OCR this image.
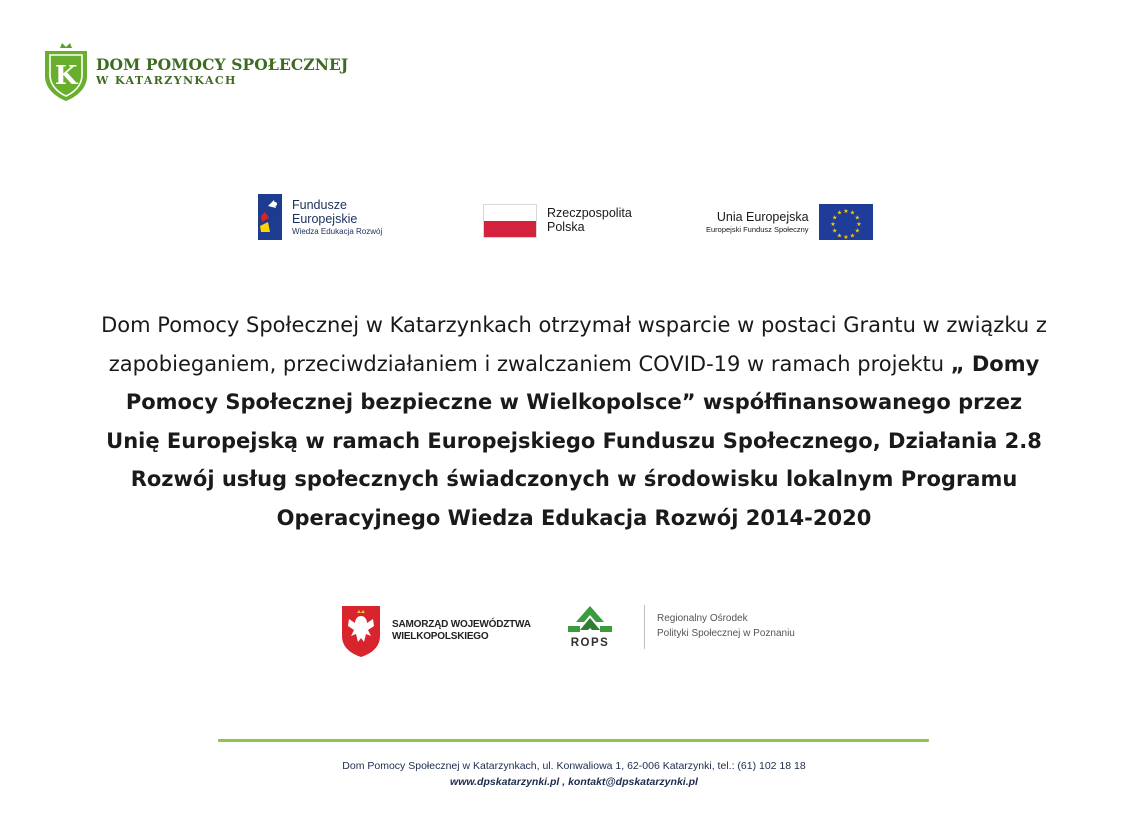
K DOM POMOCY SPOŁECZNEJ
W KATARZYNKACH
Fundusze
Europejskie
Wiedza Edukacja Rozwój
Rzeczpospolita
Polska
Unia Europejska
Europejski Fundusz Społeczny
★ ★
★
★
★
★
★
★
★
★
★
★
Dom Pomocy Społecznej w Katarzynkach otrzymał wsparcie w postaci Grantu w związku z zapobieganiem, przeciwdziałaniem i zwalczaniem COVID-19 w ramach projektu „ Domy Pomocy Społecznej bezpieczne w Wielkopolsce” współfinansowanego przez Unię Europejską w ramach Europejskiego Funduszu Społecznego, Działania 2.8 Rozwój usług społecznych świadczonych w środowisku lokalnym Programu Operacyjnego Wiedza Edukacja Rozwój 2014-2020
SAMORZĄD WOJEWÓDZTWA
WIELKOPOLSKIEGO
ROPS
Regionalny Ośrodek
Polityki Społecznej w Poznaniu
Dom Pomocy Społecznej w Katarzynkach, ul. Konwaliowa 1, 62-006 Katarzynki, tel.: (61) 102 18 18
www.dpskatarzynki.pl , kontakt@dpskatarzynki.pl
